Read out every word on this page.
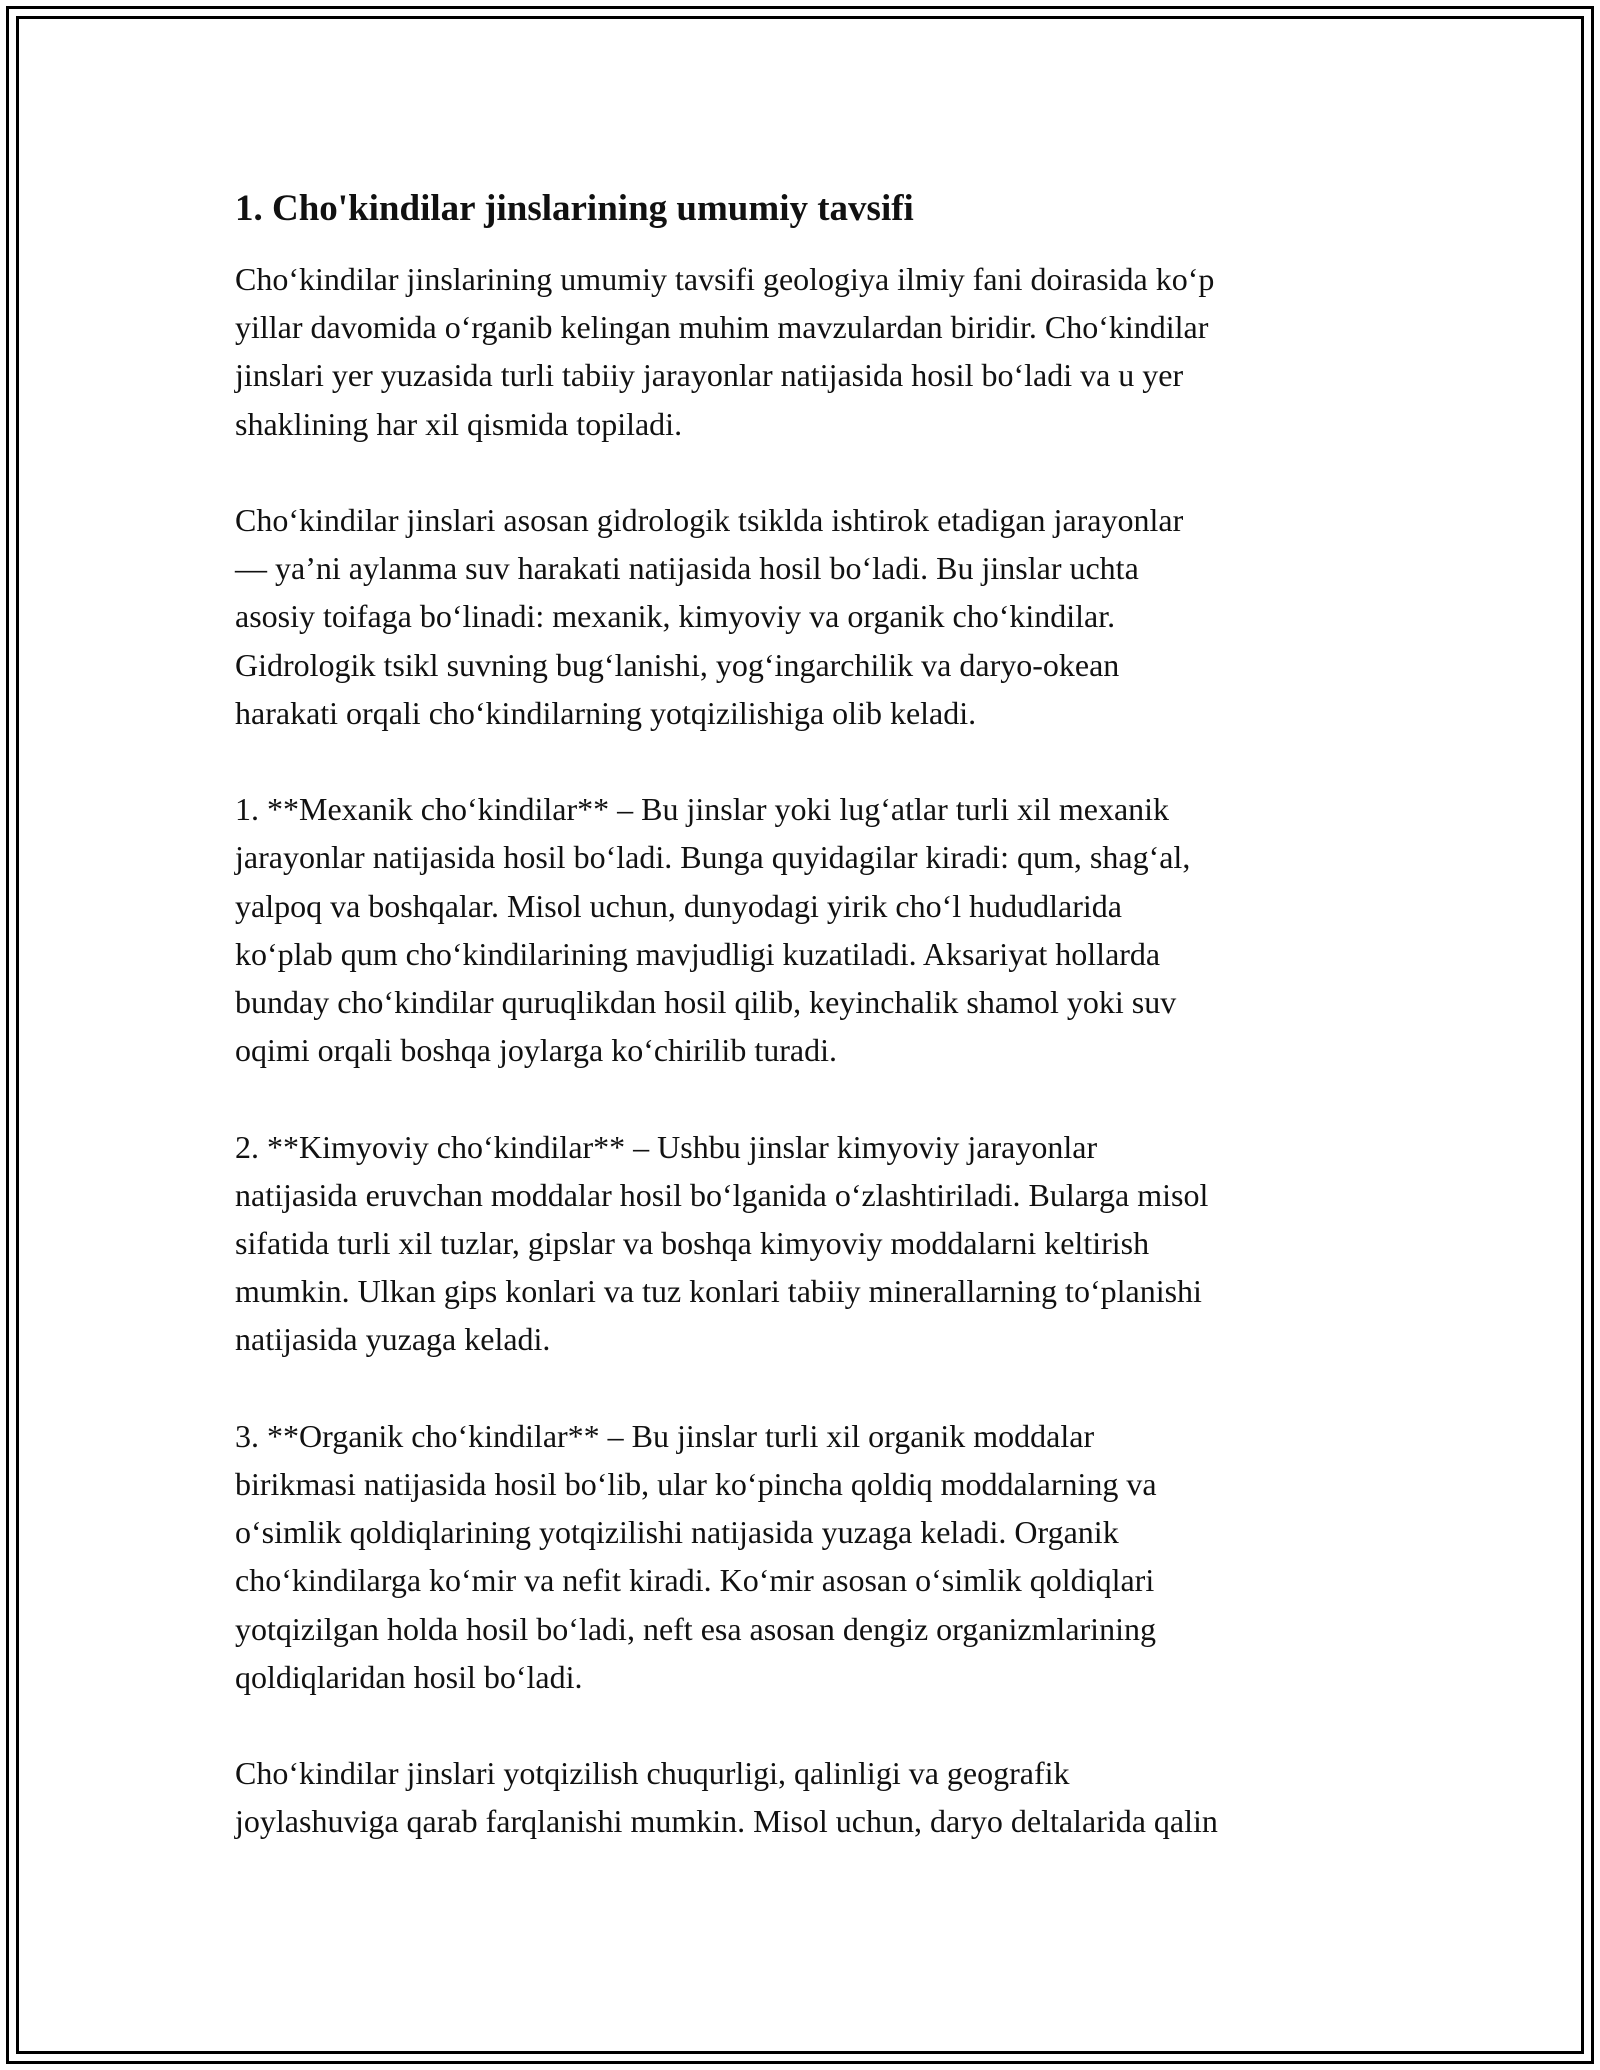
1. Cho'kindilar jinslarining umumiy tavsifi

Cho‘kindilar jinslarining umumiy tavsifi geologiya ilmiy fani doirasida ko‘p
yillar davomida o‘rganib kelingan muhim mavzulardan biridir. Cho‘kindilar
jinslari yer yuzasida turli tabiiy jarayonlar natijasida hosil bo‘ladi va u yer
shaklining har xil qismida topiladi.

Cho‘kindilar jinslari asosan gidrologik tsiklda ishtirok etadigan jarayonlar
— ya’ni aylanma suv harakati natijasida hosil bo‘ladi. Bu jinslar uchta
asosiy toifaga bo‘linadi: mexanik, kimyoviy va organik cho‘kindilar.
Gidrologik tsikl suvning bug‘lanishi, yog‘ingarchilik va daryo-okean
harakati orqali cho‘kindilarning yotqizilishiga olib keladi.

1. **Mexanik cho‘kindilar** – Bu jinslar yoki lug‘atlar turli xil mexanik
jarayonlar natijasida hosil bo‘ladi. Bunga quyidagilar kiradi: qum, shag‘al,
yalpoq va boshqalar. Misol uchun, dunyodagi yirik cho‘l hududlarida
ko‘plab qum cho‘kindilarining mavjudligi kuzatiladi. Aksariyat hollarda
bunday cho‘kindilar quruqlikdan hosil qilib, keyinchalik shamol yoki suv
oqimi orqali boshqa joylarga ko‘chirilib turadi.

2. **Kimyoviy cho‘kindilar** – Ushbu jinslar kimyoviy jarayonlar
natijasida eruvchan moddalar hosil bo‘lganida o‘zlashtiriladi. Bularga misol
sifatida turli xil tuzlar, gipslar va boshqa kimyoviy moddalarni keltirish
mumkin. Ulkan gips konlari va tuz konlari tabiiy minerallarning to‘planishi
natijasida yuzaga keladi.

3. **Organik cho‘kindilar** – Bu jinslar turli xil organik moddalar
birikmasi natijasida hosil bo‘lib, ular ko‘pincha qoldiq moddalarning va
o‘simlik qoldiqlarining yotqizilishi natijasida yuzaga keladi. Organik
cho‘kindilarga ko‘mir va nefit kiradi. Ko‘mir asosan o‘simlik qoldiqlari
yotqizilgan holda hosil bo‘ladi, neft esa asosan dengiz organizmlarining
qoldiqlaridan hosil bo‘ladi.

Cho‘kindilar jinslari yotqizilish chuqurligi, qalinligi va geografik
joylashuviga qarab farqlanishi mumkin. Misol uchun, daryo deltalarida qalin
